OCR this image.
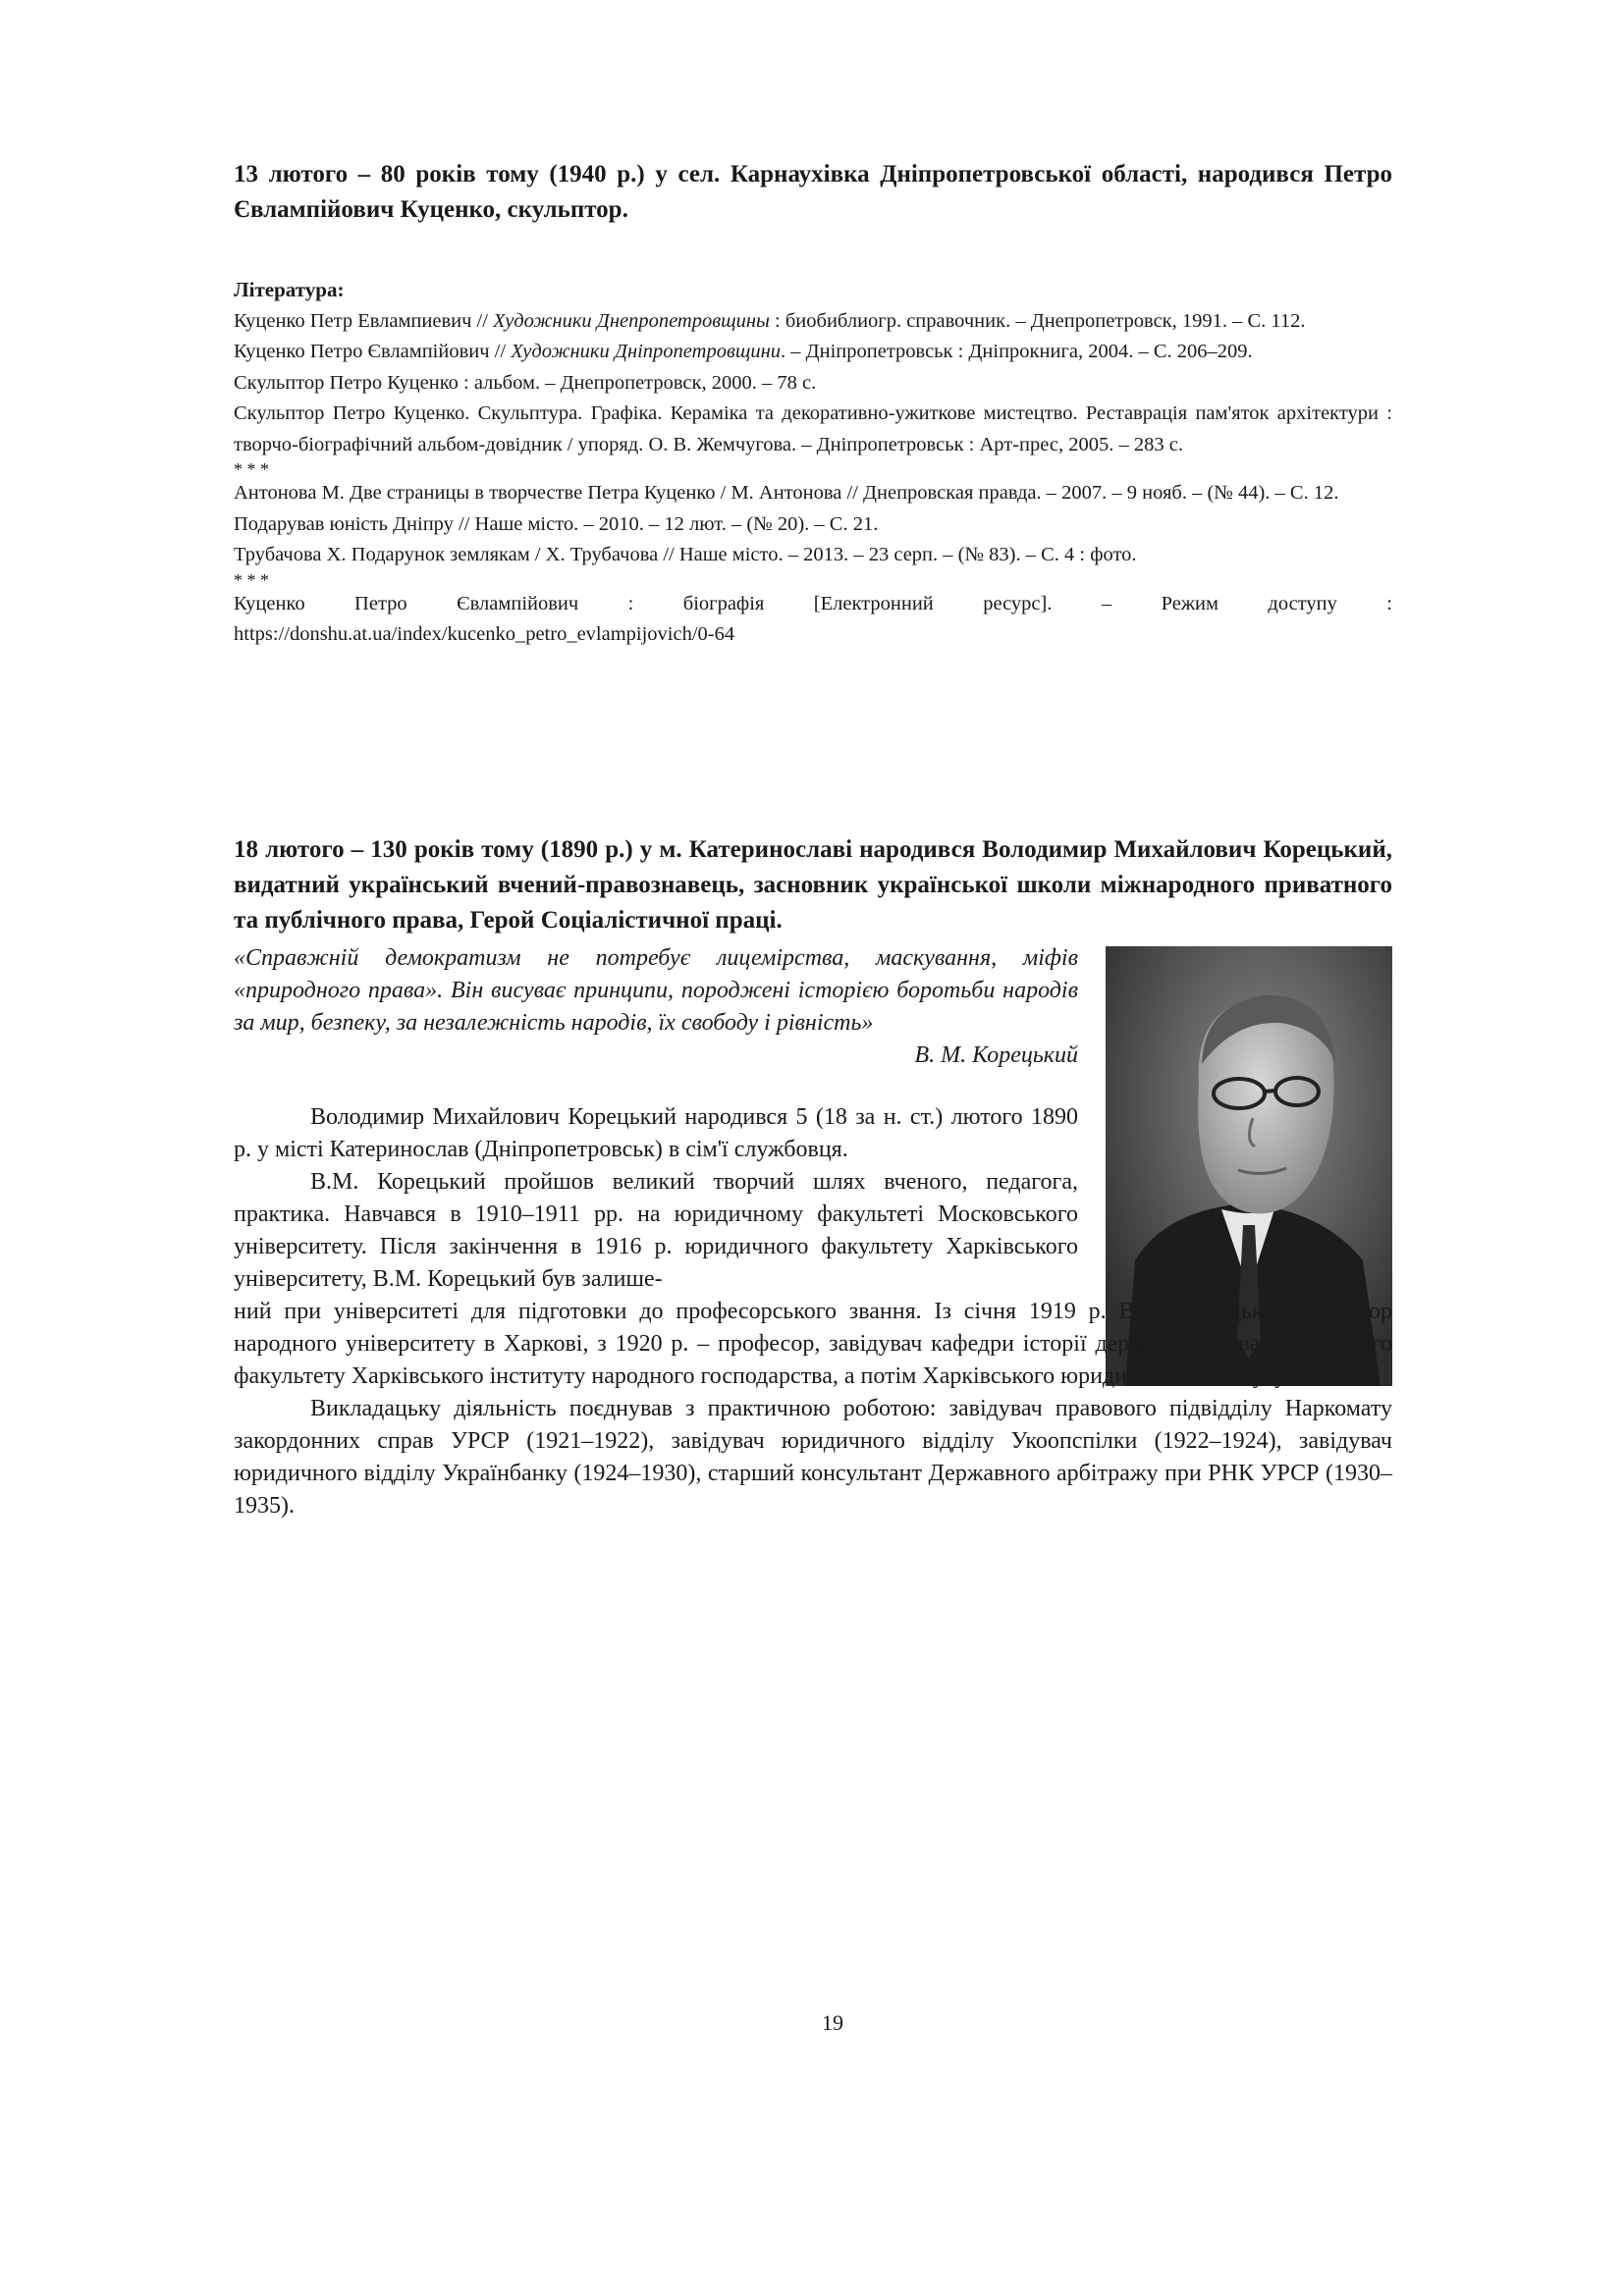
13 лютого – 80 років тому (1940 р.) у сел. Карнаухівка Дніпропетровської області, народився Петро Євлампійович Куценко, скульптор.

Література:

Куценко Петр Евлампиевич // Художники Днепропетровщины : биобиблиогр. справочник. – Днепропетровск, 1991. – С. 112.

Куценко Петро Євлампійович // Художники Дніпропетровщини. – Дніпропетровськ : Дніпрокнига, 2004. – С. 206–209.

Скульптор Петро Куценко : альбом. – Днепропетровск, 2000. – 78 с.

Скульптор Петро Куценко. Скульптура. Графіка. Кераміка та декоративно-ужиткове мистецтво. Реставрація пам'яток архітектури : творчо-біографічний альбом-довідник / упоряд. О. В. Жемчугова. – Дніпропетровськ : Арт-прес, 2005. – 283 с.

* * *

Антонова М. Две страницы в творчестве Петра Куценко / М. Антонова // Днепровская правда. – 2007. – 9 нояб. – (№ 44). – С. 12.

Подарував юність Дніпру // Наше місто. – 2010. – 12 лют. – (№ 20). – С. 21.

Трубачова Х. Подарунок землякам / Х. Трубачова // Наше місто. – 2013. – 23 серп. – (№ 83). – С. 4 : фото.

* * *

Куценко Петро Євлампійович : біографія [Електронний ресурс]. – Режим доступу :

https://donshu.at.ua/index/kucenko_petro_evlampijovich/0-64

18 лютого – 130 років тому (1890 р.) у м. Катеринославі народився Володимир Михайлович Корецький, видатний український вчений-правознавець, засновник української школи міжнародного приватного та публічного права, Герой Соціалістичної праці.

«Справжній демократизм не потребує лицемірства, маскування, міфів «природного права». Він висуває принципи, породжені історією боротьби народів за мир, безпеку, за незалежність народів, їх свободу і рівність»

В. М. Корецький

Володимир Михайлович Корецький народився 5 (18 за н. ст.) лютого 1890 р. у місті Катеринослав (Дніпропетровськ) в сім'ї службовця.

В.М. Корецький пройшов великий творчий шлях вченого, педагога, практика. Навчався в 1910–1911 рр. на юридичному факультеті Московського університету. Після закінчення в 1916 р. юридичного факультету Харківського університету, В.М. Корецький був залише-

ний при університеті для підготовки до професорського звання. Із січня 1919 р. В.М. Корецький – лектор народного університету в Харкові, з 1920 р. – професор, завідувач кафедри історії держави і права юридичного факультету Харківського інституту народного господарства, а потім Харківського юридичного інституту.

Викладацьку діяльність поєднував з практичною роботою: завідувач правового підвідділу Наркомату закордонних справ УРСР (1921–1922), завідувач юридичного відділу Укоопспілки (1922–1924), завідувач юридичного відділу Українбанку (1924–1930), старший консультант Державного арбітражу при РНК УРСР (1930–1935).

19
